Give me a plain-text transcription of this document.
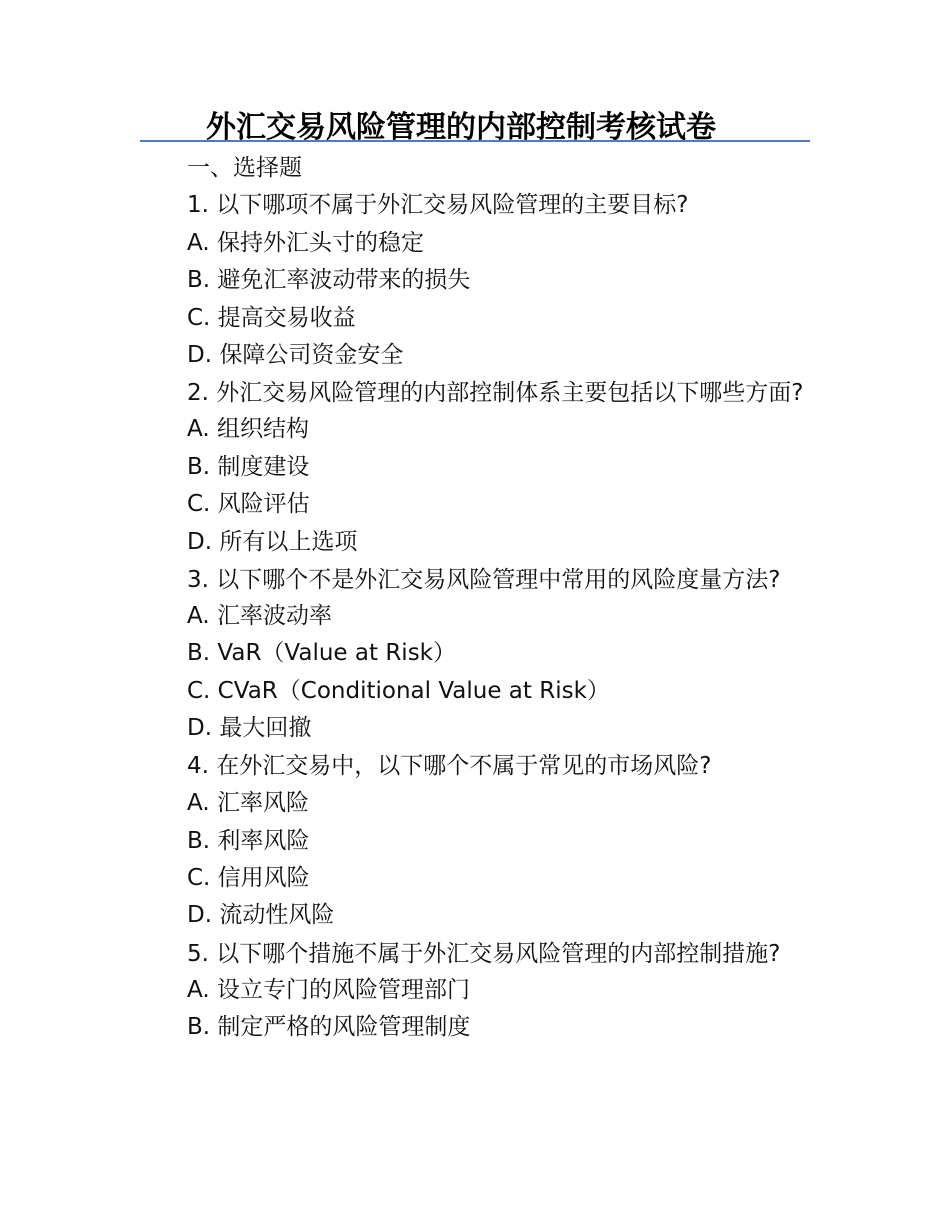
外汇交易风险管理的内部控制考核试卷
一、选择题
1. 以下哪项不属于外汇交易风险管理的主要目标?
A. 保持外汇头寸的稳定
B. 避免汇率波动带来的损失
C. 提高交易收益
D. 保障公司资金安全
2. 外汇交易风险管理的内部控制体系主要包括以下哪些方面?
A. 组织结构
B. 制度建设
C. 风险评估
D. 所有以上选项
3. 以下哪个不是外汇交易风险管理中常用的风险度量方法?
A. 汇率波动率
B. VaR（Value at Risk）
C. CVaR（Conditional Value at Risk）
D. 最大回撤
4. 在外汇交易中，以下哪个不属于常见的市场风险?
A. 汇率风险
B. 利率风险
C. 信用风险
D. 流动性风险
5. 以下哪个措施不属于外汇交易风险管理的内部控制措施?
A. 设立专门的风险管理部门
B. 制定严格的风险管理制度
